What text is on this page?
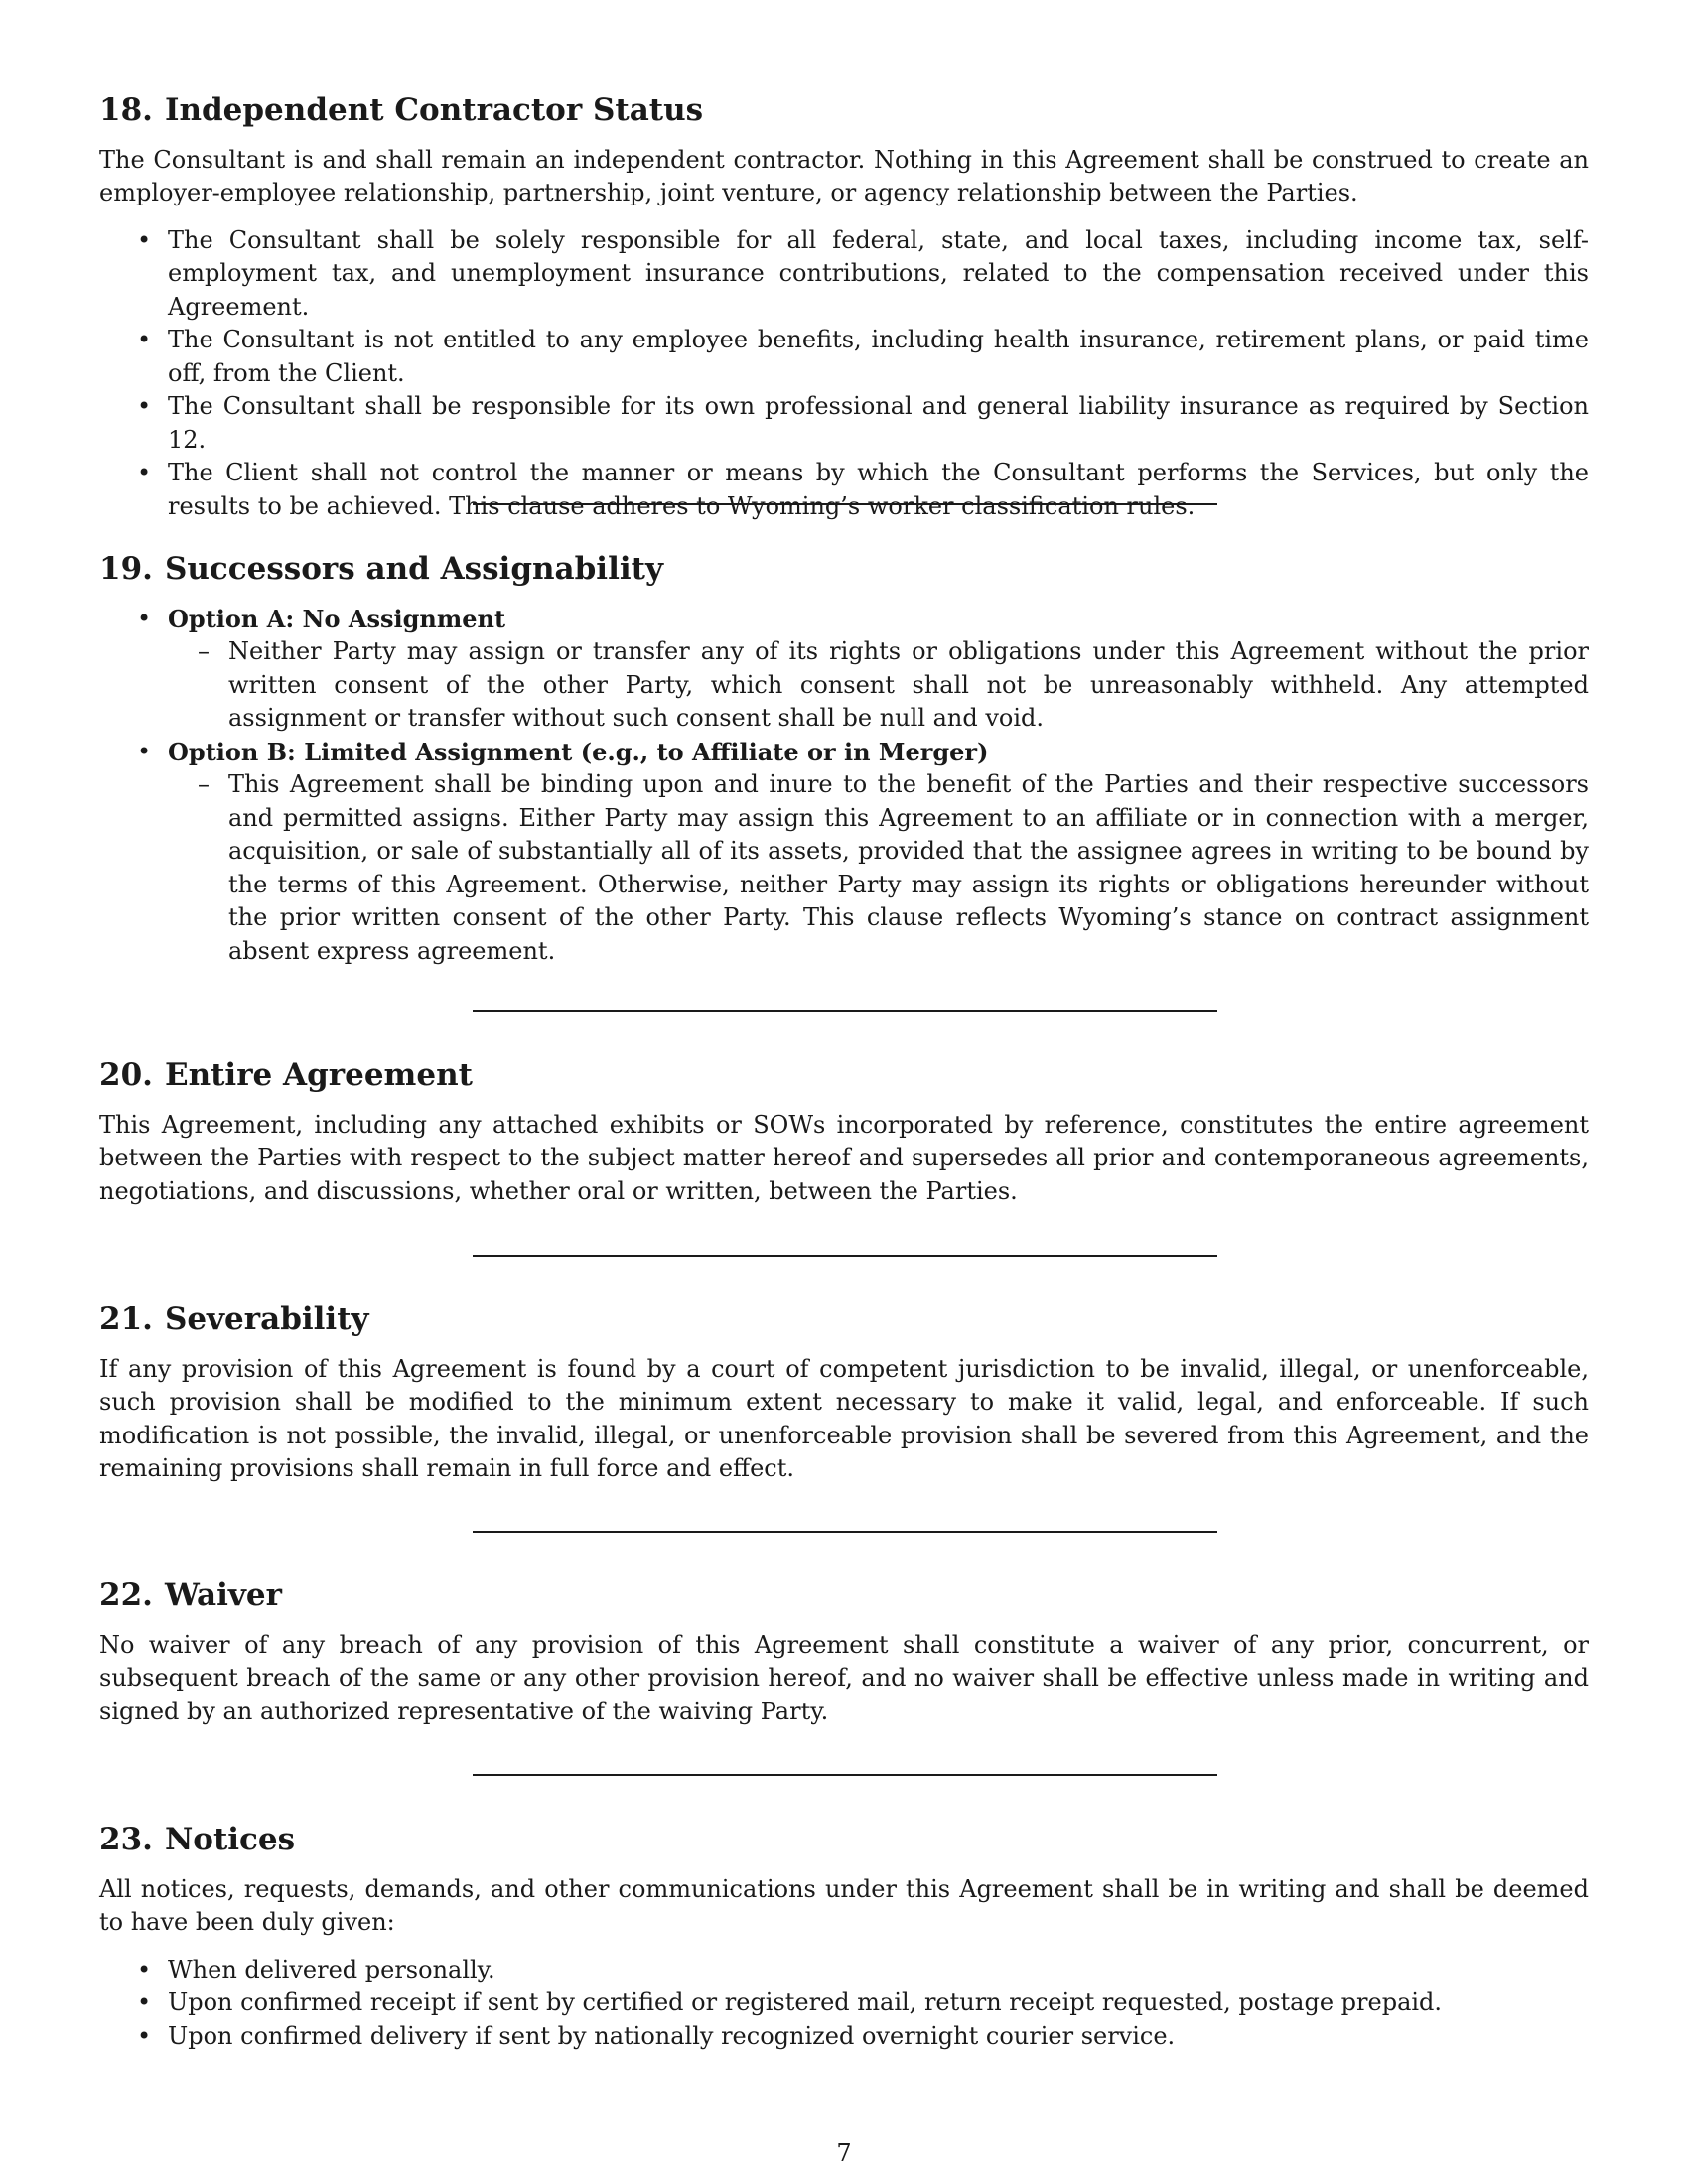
18. Independent Contractor Status

The Consultant is and shall remain an independent contractor. Nothing in this Agreement shall be construed to create an employer-employee relationship, partnership, joint venture, or agency relationship between the Parties.

• The Consultant shall be solely responsible for all federal, state, and local taxes, including income tax, self-employment tax, and unemployment insurance contributions, related to the compensation received under this Agreement.
• The Consultant is not entitled to any employee benefits, including health insurance, retirement plans, or paid time off, from the Client.
• The Consultant shall be responsible for its own professional and general liability insurance as required by Section 12.
• The Client shall not control the manner or means by which the Consultant performs the Services, but only the results to be achieved. This clause adheres to Wyoming’s worker classification rules.
19. Successors and Assignability
• Option A: No Assignment
– Neither Party may assign or transfer any of its rights or obligations under this Agreement without the prior written consent of the other Party, which consent shall not be unreasonably withheld. Any attempted assignment or transfer without such consent shall be null and void.
• Option B: Limited Assignment (e.g., to Affiliate or in Merger)
– This Agreement shall be binding upon and inure to the benefit of the Parties and their respective successors and permitted assigns. Either Party may assign this Agreement to an affiliate or in connection with a merger, acquisition, or sale of substantially all of its assets, provided that the assignee agrees in writing to be bound by the terms of this Agreement. Otherwise, neither Party may assign its rights or obligations hereunder without the prior written consent of the other Party. This clause reflects Wyoming’s stance on contract assignment absent express agreement.
20. Entire Agreement

This Agreement, including any attached exhibits or SOWs incorporated by reference, constitutes the entire agreement between the Parties with respect to the subject matter hereof and supersedes all prior and contemporaneous agreements, negotiations, and discussions, whether oral or written, between the Parties.

21. Severability

If any provision of this Agreement is found by a court of competent jurisdiction to be invalid, illegal, or unenforceable, such provision shall be modified to the minimum extent necessary to make it valid, legal, and enforceable. If such modification is not possible, the invalid, illegal, or unenforceable provision shall be severed from this Agreement, and the remaining provisions shall remain in full force and effect.

22. Waiver

No waiver of any breach of any provision of this Agreement shall constitute a waiver of any prior, concurrent, or subsequent breach of the same or any other provision hereof, and no waiver shall be effective unless made in writing and signed by an authorized representative of the waiving Party.

23. Notices

All notices, requests, demands, and other communications under this Agreement shall be in writing and shall be deemed to have been duly given:

• When delivered personally.
• Upon confirmed receipt if sent by certified or registered mail, return receipt requested, postage prepaid.
• Upon confirmed delivery if sent by nationally recognized overnight courier service.
7
